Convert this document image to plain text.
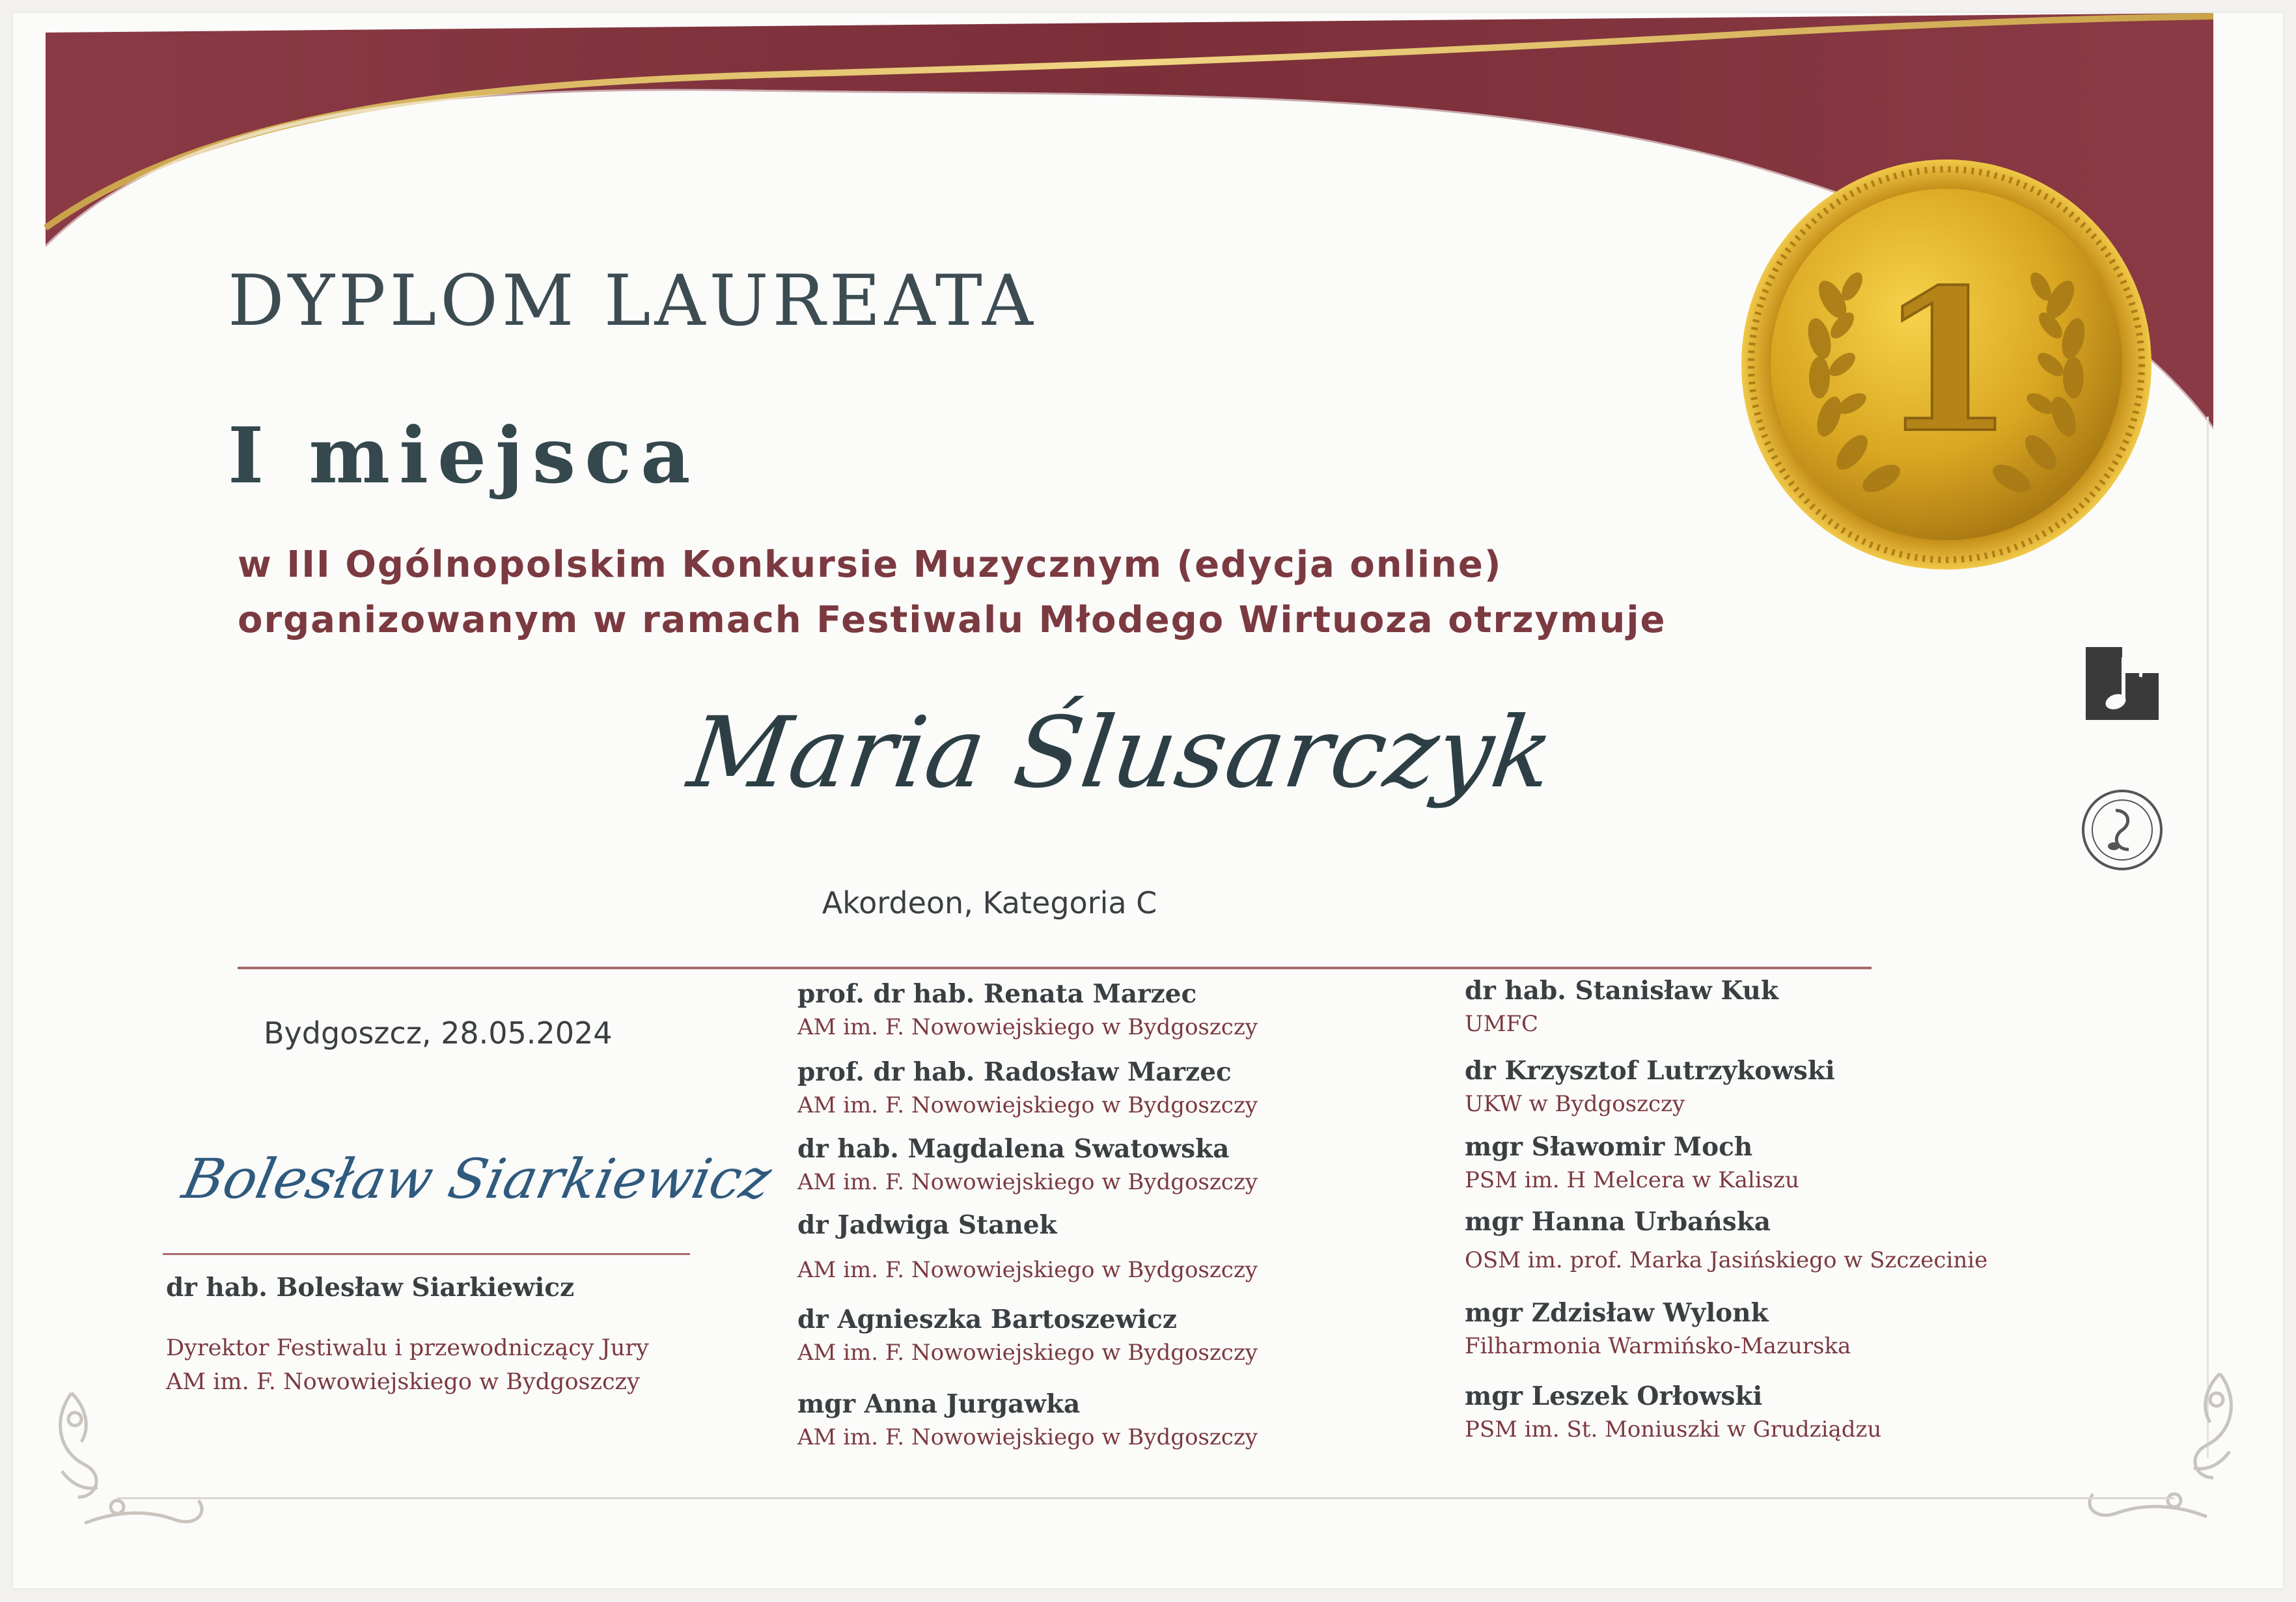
DYPLOM LAUREATA
I miejsca
w III Ogólnopolskim Konkursie Muzycznym (edycja online)
organizowanym w ramach Festiwalu Młodego Wirtuoza otrzymuje
Maria Ślusarczyk
Akordeon, Kategoria C
Bydgoszcz, 28.05.2024
Bolesław Siarkiewicz
dr hab. Bolesław Siarkiewicz
Dyrektor Festiwalu i przewodniczący Jury
AM im. F. Nowowiejskiego w Bydgoszczy
prof. dr hab. Renata Marzec
AM im. F. Nowowiejskiego w Bydgoszczy
prof. dr hab. Radosław Marzec
AM im. F. Nowowiejskiego w Bydgoszczy
dr hab. Magdalena Swatowska
AM im. F. Nowowiejskiego w Bydgoszczy
dr Jadwiga Stanek
AM im. F. Nowowiejskiego w Bydgoszczy
dr Agnieszka Bartoszewicz
AM im. F. Nowowiejskiego w Bydgoszczy
mgr Anna Jurgawka
AM im. F. Nowowiejskiego w Bydgoszczy
dr hab. Stanisław Kuk
UMFC
dr Krzysztof Lutrzykowski
UKW w Bydgoszczy
mgr Sławomir Moch
PSM im. H Melcera w Kaliszu
mgr Hanna Urbańska
OSM im. prof. Marka Jasińskiego w Szczecinie
mgr Zdzisław Wylonk
Filharmonia Warmińsko-Mazurska
mgr Leszek Orłowski
PSM im. St. Moniuszki w Grudziądzu
1
